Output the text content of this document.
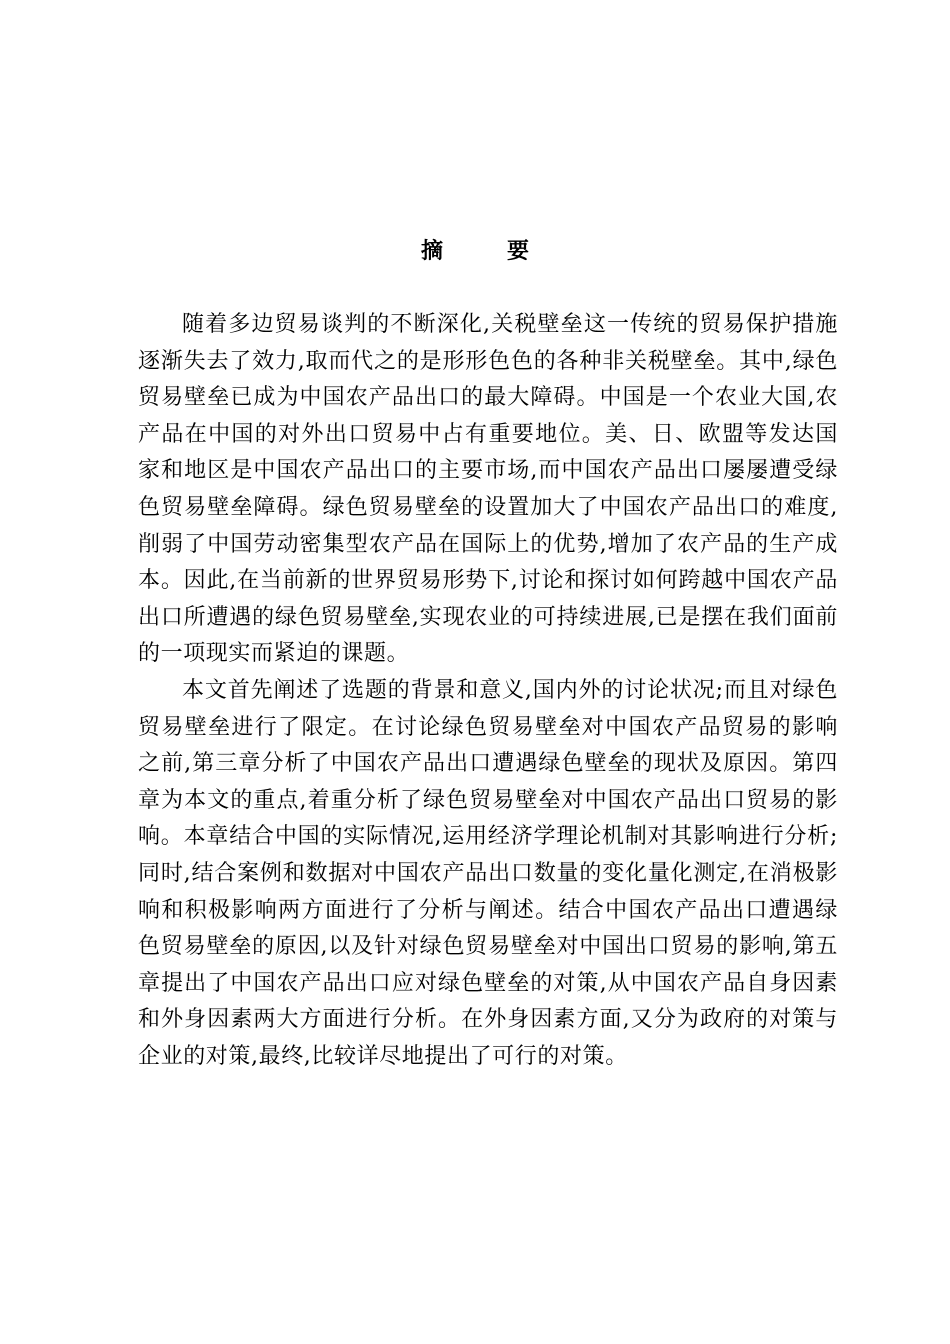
摘要

随着多边贸易谈判的不断深化,关税壁垒这一传统的贸易保护措施逐渐失去了效力,取而代之的是形形色色的各种非关税壁垒。其中,绿色贸易壁垒已成为中国农产品出口的最大障碍。中国是一个农业大国,农产品在中国的对外出口贸易中占有重要地位。美、日、欧盟等发达国家和地区是中国农产品出口的主要市场,而中国农产品出口屡屡遭受绿色贸易壁垒障碍。绿色贸易壁垒的设置加大了中国农产品出口的难度,削弱了中国劳动密集型农产品在国际上的优势,增加了农产品的生产成本。因此,在当前新的世界贸易形势下,讨论和探讨如何跨越中国农产品出口所遭遇的绿色贸易壁垒,实现农业的可持续进展,已是摆在我们面前的一项现实而紧迫的课题。

本文首先阐述了选题的背景和意义,国内外的讨论状况;而且对绿色贸易壁垒进行了限定。在讨论绿色贸易壁垒对中国农产品贸易的影响之前,第三章分析了中国农产品出口遭遇绿色壁垒的现状及原因。第四章为本文的重点,着重分析了绿色贸易壁垒对中国农产品出口贸易的影响。本章结合中国的实际情况,运用经济学理论机制对其影响进行分析;同时,结合案例和数据对中国农产品出口数量的变化量化测定,在消极影响和积极影响两方面进行了分析与阐述。结合中国农产品出口遭遇绿色贸易壁垒的原因,以及针对绿色贸易壁垒对中国出口贸易的影响,第五章提出了中国农产品出口应对绿色壁垒的对策,从中国农产品自身因素和外身因素两大方面进行分析。在外身因素方面,又分为政府的对策与企业的对策,最终,比较详尽地提出了可行的对策。
